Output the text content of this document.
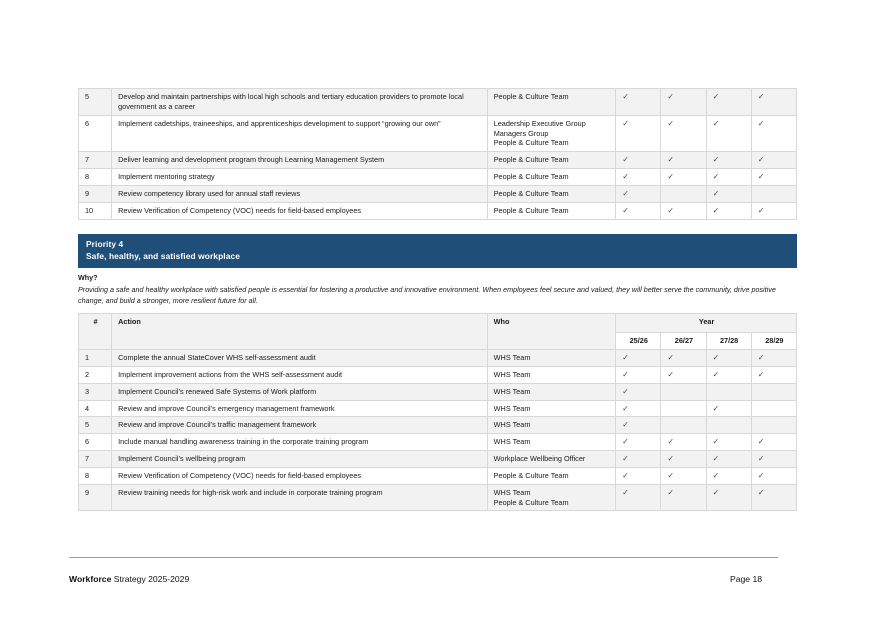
5	Develop and maintain partnerships with local high schools and tertiary education providers to promote local government as a career	People & Culture Team	✓	✓	✓	✓
6	Implement cadetships, traineeships, and apprenticeships development to support “growing our own”	Leadership Executive Group
Managers Group
People & Culture Team	✓	✓	✓	✓
7	Deliver learning and development program through Learning Management System	People & Culture Team	✓	✓	✓	✓
8	Implement mentoring strategy	People & Culture Team	✓	✓	✓	✓
9	Review competency library used for annual staff reviews	People & Culture Team	✓		✓	
10	Review Verification of Competency (VOC) needs for field-based employees	People & Culture Team	✓	✓	✓	✓
Priority 4
Safe, healthy, and satisfied workplace
Why?
Providing a safe and healthy workplace with satisfied people is essential for fostering a productive and innovative environment. When employees feel secure and valued, they will better serve the community, drive positive change, and build a stronger, more resilient future for all.
#	Action	Who	Year			
			25/26	26/27	27/28	28/29
1	Complete the annual StateCover WHS self-assessment audit	WHS Team	✓	✓	✓	✓
2	Implement improvement actions from the WHS self-assessment audit	WHS Team	✓	✓	✓	✓
3	Implement Council’s renewed Safe Systems of Work platform	WHS Team	✓			
4	Review and improve Council’s emergency management framework	WHS Team	✓		✓	
5	Review and improve Council’s traffic management framework	WHS Team	✓			
6	Include manual handling awareness training in the corporate training program	WHS Team	✓	✓	✓	✓
7	Implement Council’s wellbeing program	Workplace Wellbeing Officer	✓	✓	✓	✓
8	Review Verification of Competency (VOC) needs for field-based employees	People & Culture Team	✓	✓	✓	✓
9	Review training needs for high-risk work and include in corporate training program	WHS Team
People & Culture Team	✓	✓	✓	✓
Workforce Strategy 2025-2029	Page 18
